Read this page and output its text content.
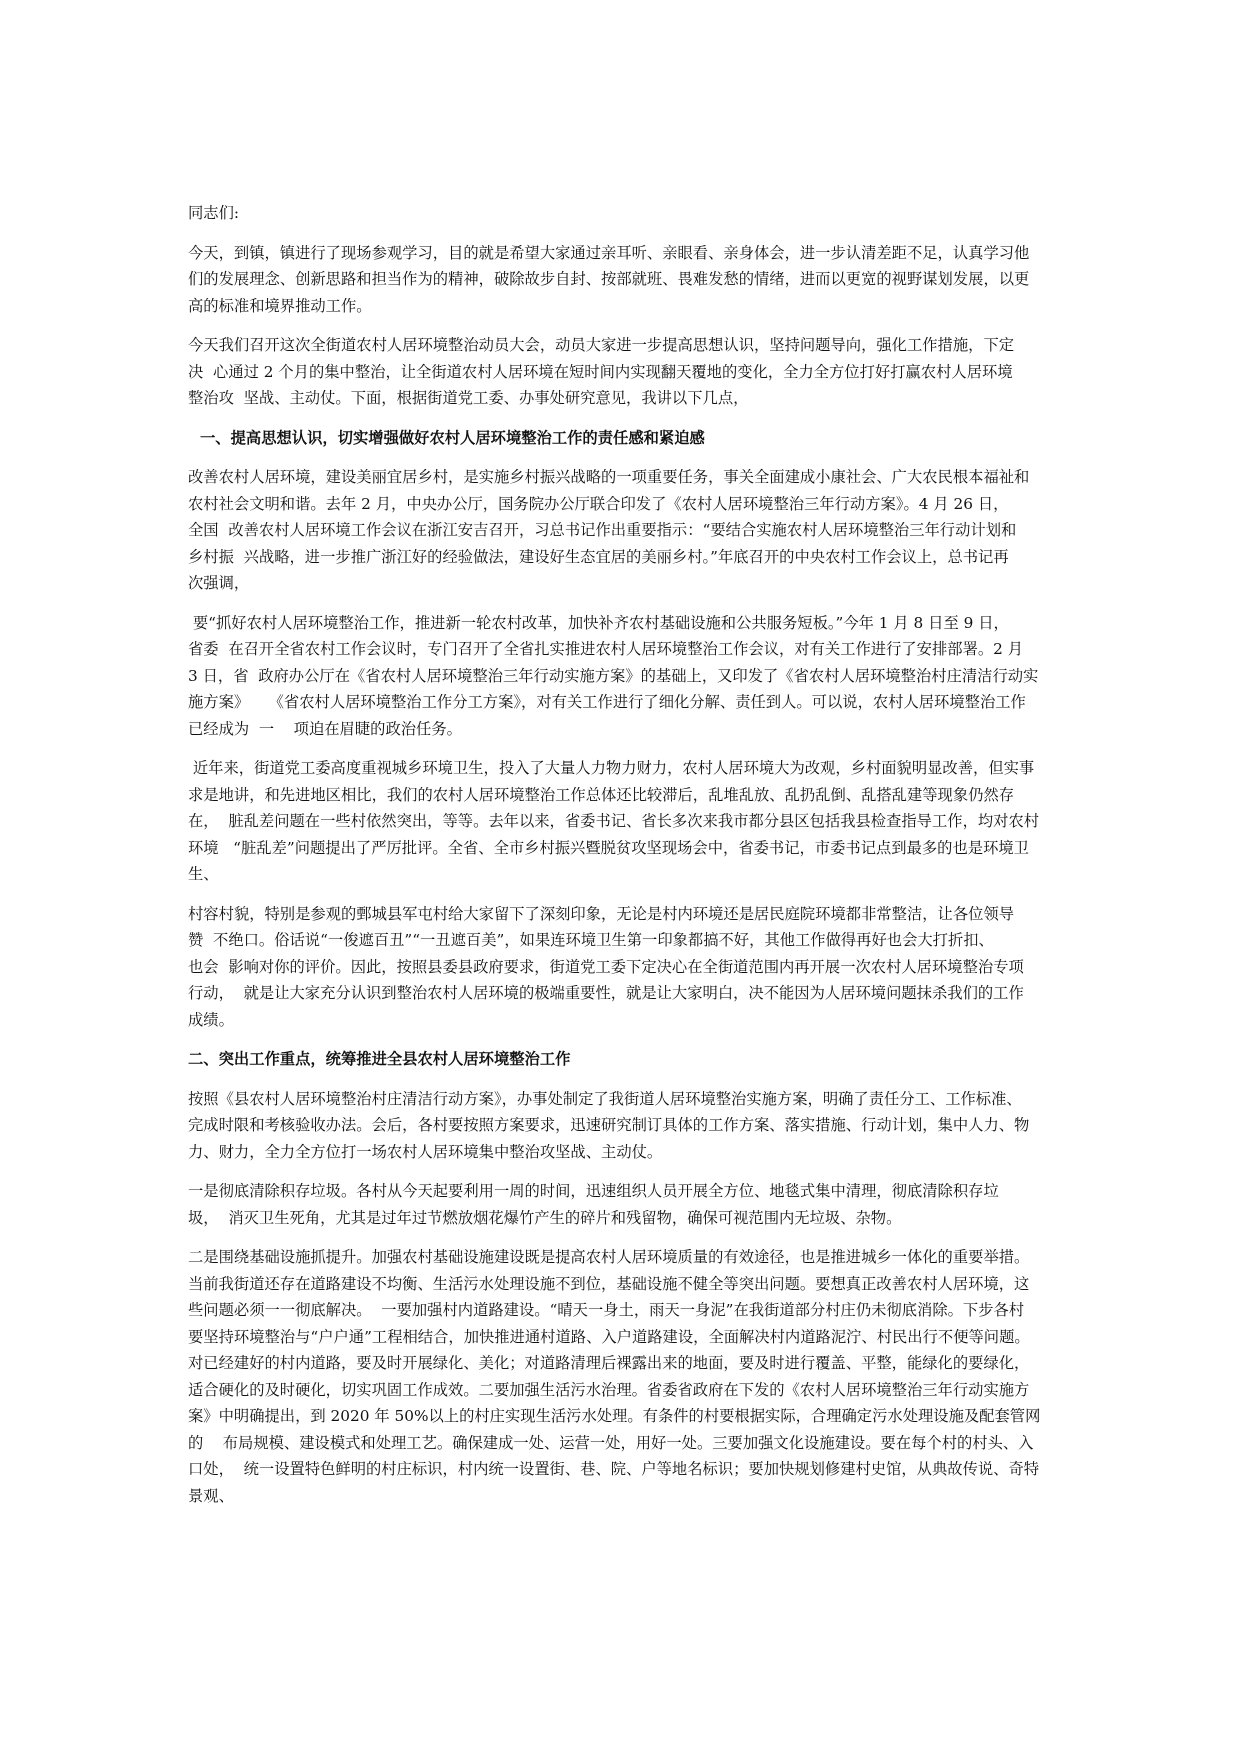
同志们:
今天，到镇，镇进行了现场参观学习，目的就是希望大家通过亲耳听、亲眼看、亲身体会，进一步认清差距不足，认真学习他
们的发展理念、创新思路和担当作为的精神，破除故步自封、按部就班、畏难发愁的情绪，进而以更宽的视野谋划发展，以更
高的标准和境界推动工作。
今天我们召开这次全街道农村人居环境整治动员大会，动员大家进一步提高思想认识，坚持问题导向，强化工作措施，下定
决  心通过 2 个月的集中整治，让全街道农村人居环境在短时间内实现翻天覆地的变化，全力全方位打好打赢农村人居环境
整治攻  坚战、主动仗。下面，根据街道党工委、办事处研究意见，我讲以下几点，
一、提高思想认识，切实增强做好农村人居环境整治工作的责任感和紧迫感
改善农村人居环境，建设美丽宜居乡村，是实施乡村振兴战略的一项重要任务，事关全面建成小康社会、广大农民根本福祉和
农村社会文明和谐。去年 2 月，中央办公厅，国务院办公厅联合印发了《农村人居环境整治三年行动方案》。4 月 26 日，
全国  改善农村人居环境工作会议在浙江安吉召开，习总书记作出重要指示：“要结合实施农村人居环境整治三年行动计划和
乡村振  兴战略，进一步推广浙江好的经验做法，建设好生态宜居的美丽乡村。”年底召开的中央农村工作会议上，总书记再
次强调，
要“抓好农村人居环境整治工作，推进新一轮农村改革，加快补齐农村基础设施和公共服务短板。”今年 1 月 8 日至 9 日，
省委  在召开全省农村工作会议时，专门召开了全省扎实推进农村人居环境整治工作会议，对有关工作进行了安排部署。2 月
3 日，省  政府办公厅在《省农村人居环境整治三年行动实施方案》的基础上，又印发了《省农村人居环境整治村庄清洁行动实
施方案》    《省农村人居环境整治工作分工方案》，对有关工作进行了细化分解、责任到人。可以说，农村人居环境整治工作
已经成为  一    项迫在眉睫的政治任务。
近年来，街道党工委高度重视城乡环境卫生，投入了大量人力物力财力，农村人居环境大为改观，乡村面貌明显改善，但实事
求是地讲，和先进地区相比，我们的农村人居环境整治工作总体还比较滞后，乱堆乱放、乱扔乱倒、乱搭乱建等现象仍然存
在，  脏乱差问题在一些村依然突出，等等。去年以来，省委书记、省长多次来我市都分县区包括我县检查指导工作，均对农村
环境   “脏乱差”问题提出了严厉批评。全省、全市乡村振兴暨脱贫攻坚现场会中，省委书记，市委书记点到最多的也是环境卫
生、
村容村貌，特别是参观的鄄城县军屯村给大家留下了深刻印象，无论是村内环境还是居民庭院环境都非常整洁，让各位领导
赞  不绝口。俗话说“一俊遮百丑”“一丑遮百美”，如果连环境卫生第一印象都搞不好，其他工作做得再好也会大打折扣、
也会  影响对你的评价。因此，按照县委县政府要求，街道党工委下定决心在全街道范围内再开展一次农村人居环境整治专项
行动，  就是让大家充分认识到整治农村人居环境的极端重要性，就是让大家明白，决不能因为人居环境问题抹杀我们的工作
成绩。
二、突出工作重点，统筹推进全县农村人居环境整治工作
按照《县农村人居环境整治村庄清洁行动方案》，办事处制定了我街道人居环境整治实施方案，明确了责任分工、工作标准、
完成时限和考核验收办法。会后，各村要按照方案要求，迅速研究制订具体的工作方案、落实措施、行动计划，集中人力、物
力、财力，全力全方位打一场农村人居环境集中整治攻坚战、主动仗。
一是彻底清除积存垃圾。各村从今天起要利用一周的时间，迅速组织人员开展全方位、地毯式集中清理，彻底清除积存垃
圾，  消灭卫生死角，尤其是过年过节燃放烟花爆竹产生的碎片和残留物，确保可视范围内无垃圾、杂物。
二是围绕基础设施抓提升。加强农村基础设施建设既是提高农村人居环境质量的有效途径，也是推进城乡一体化的重要举措。
当前我街道还存在道路建设不均衡、生活污水处理设施不到位，基础设施不健全等突出问题。要想真正改善农村人居环境，这
些问题必须一一彻底解决。  一要加强村内道路建设。“晴天一身土，雨天一身泥”在我街道部分村庄仍未彻底消除。下步各村
要坚持环境整治与“户户通”工程相结合，加快推进通村道路、入户道路建设，全面解决村内道路泥泞、村民出行不便等问题。
对已经建好的村内道路，要及时开展绿化、美化；对道路清理后裸露出来的地面，要及时进行覆盖、平整，能绿化的要绿化，
适合硬化的及时硬化，切实巩固工作成效。二要加强生活污水治理。省委省政府在下发的《农村人居环境整治三年行动实施方
案》中明确提出，到 2020 年 50%以上的村庄实现生活污水处理。有条件的村要根据实际，合理确定污水处理设施及配套管网
的    布局规模、建设模式和处理工艺。确保建成一处、运营一处，用好一处。三要加强文化设施建设。要在每个村的村头、入
口处，  统一设置特色鲜明的村庄标识，村内统一设置街、巷、院、户等地名标识；要加快规划修建村史馆，从典故传说、奇特
景观、
